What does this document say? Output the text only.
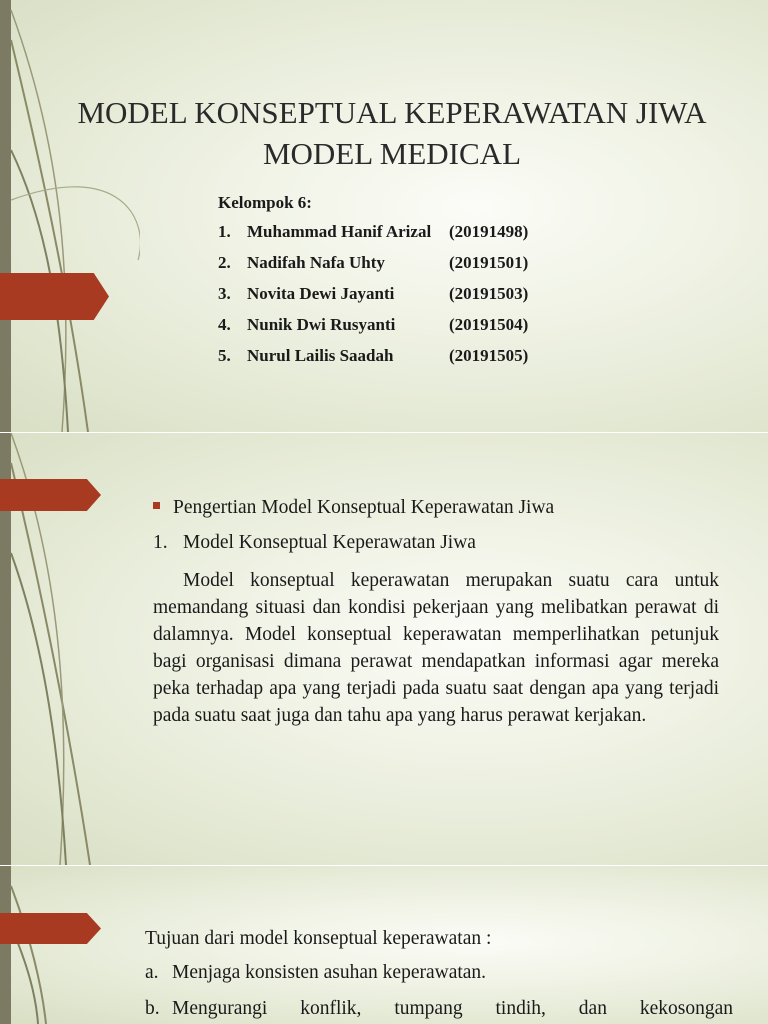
MODEL KONSEPTUAL KEPERAWATAN JIWA
MODEL MEDICAL
Kelompok 6:
1. Muhammad Hanif Arizal (20191498)
2. Nadifah Nafa Uhty	(20191501)
3. Novita Dewi Jayanti	(20191503)
4. Nunik Dwi Rusyanti	(20191504)
5. Nurul Lailis Saadah	(20191505)
Pengertian Model Konseptual Keperawatan Jiwa
1. Model Konseptual Keperawatan Jiwa

Model konseptual keperawatan merupakan suatu cara untuk memandang situasi dan kondisi pekerjaan yang melibatkan perawat di dalamnya. Model konseptual keperawatan memperlihatkan petunjuk bagi organisasi dimana perawat mendapatkan informasi agar mereka peka terhadap apa yang terjadi pada suatu saat dengan apa yang terjadi pada suatu saat juga dan tahu apa yang harus perawat kerjakan.

Tujuan dari model konseptual keperawatan :
a. Menjaga konsisten asuhan keperawatan.
b. Mengurangi konflik, tumpang tindih, dan kekosongan
